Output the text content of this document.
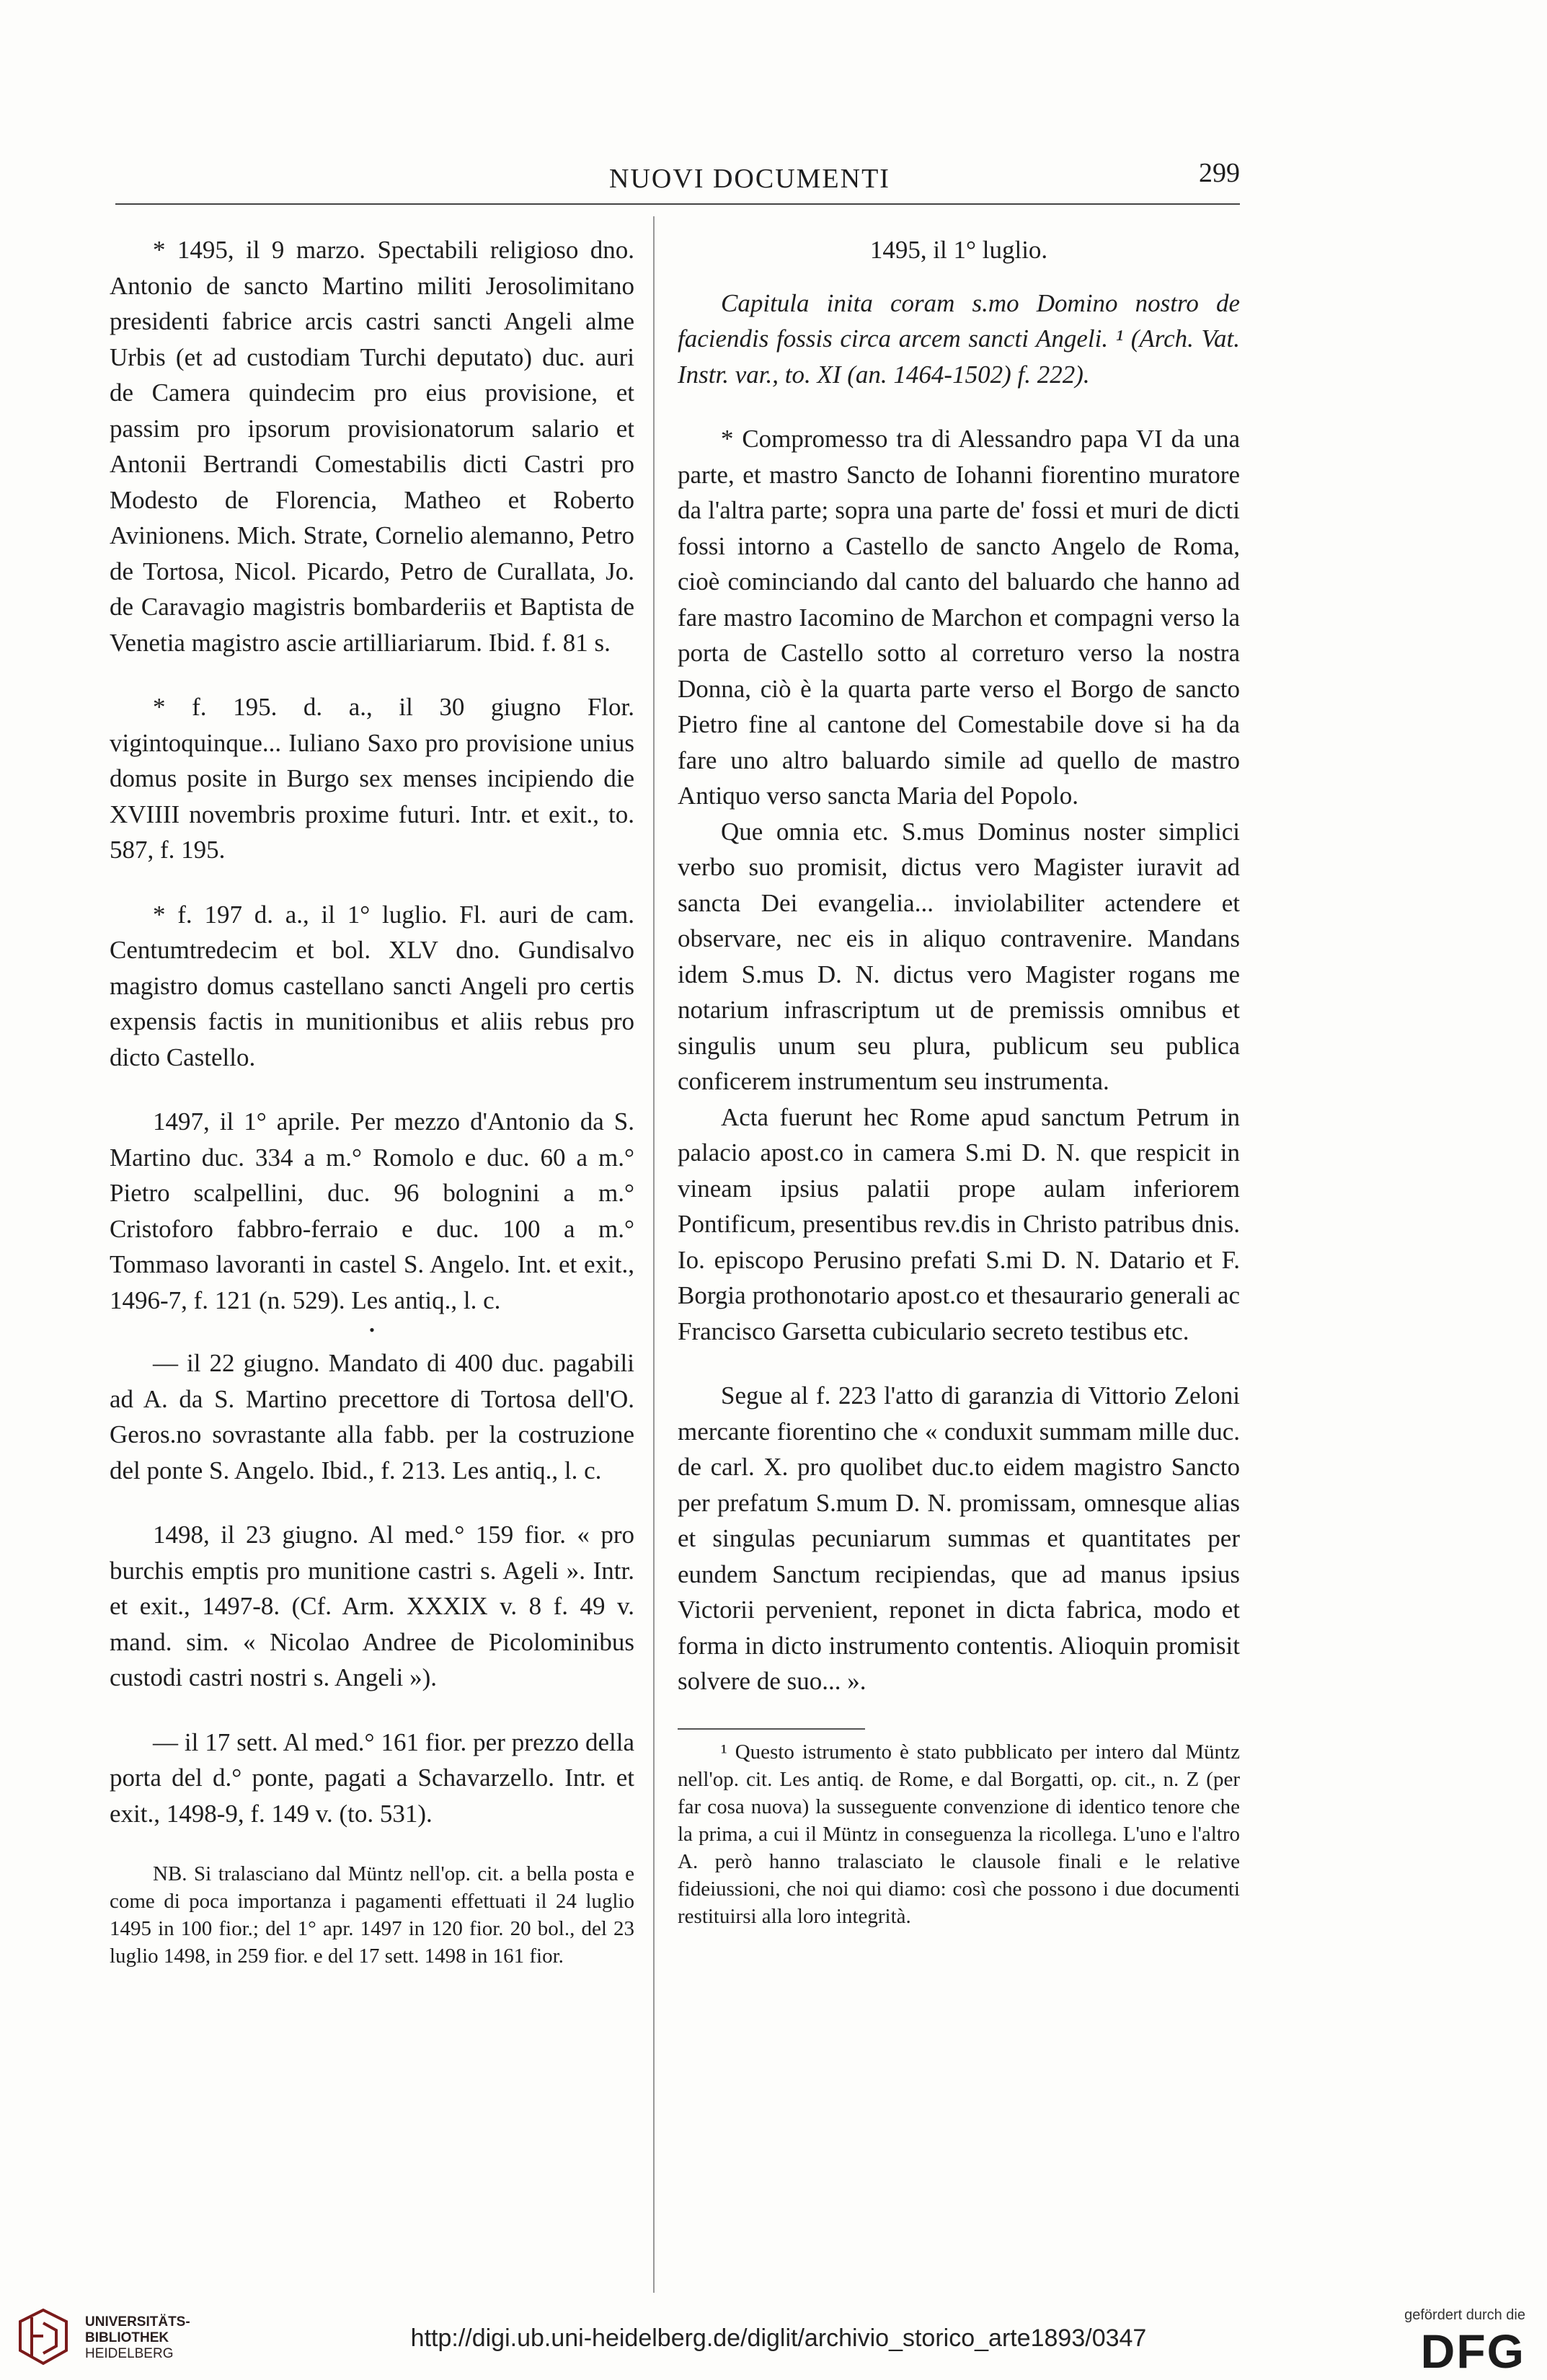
NUOVI DOCUMENTI	299

* 1495, il 9 marzo. Spectabili religioso dno. Antonio de sancto Martino militi Jerosolimitano presidenti fabrice arcis castri sancti Angeli alme Urbis (et ad custodiam Turchi deputato) duc. auri de Camera quindecim pro eius provisione, et passim pro ipsorum provisionatorum salario et Antonii Bertrandi Comestabilis dicti Castri pro Modesto de Florencia, Matheo et Roberto Avinionens. Mich. Strate, Cornelio alemanno, Petro de Tortosa, Nicol. Picardo, Petro de Curallata, Jo. de Caravagio magistris bombarderiis et Baptista de Venetia magistro ascie artilliariarum. Ibid. f. 81 s.

* f. 195. d. a., il 30 giugno Flor. vigintoquinque... Iuliano Saxo pro provisione unius domus posite in Burgo sex menses incipiendo die XVIIII novembris proxime futuri. Intr. et exit., to. 587, f. 195.

* f. 197 d. a., il 1° luglio. Fl. auri de cam. Centumtredecim et bol. XLV dno. Gundisalvo magistro domus castellano sancti Angeli pro certis expensis factis in munitionibus et aliis rebus pro dicto Castello.

1497, il 1° aprile. Per mezzo d'Antonio da S. Martino duc. 334 a m.° Romolo e duc. 60 a m.° Pietro scalpellini, duc. 96 bolognini a m.° Cristoforo fabbro-ferraio e duc. 100 a m.° Tommaso lavoranti in castel S. Angelo. Int. et exit., 1496-7, f. 121 (n. 529). Les antiq., l. c.

•

— il 22 giugno. Mandato di 400 duc. pagabili ad A. da S. Martino precettore di Tortosa dell'O. Geros.no sovrastante alla fabb. per la costruzione del ponte S. Angelo. Ibid., f. 213. Les antiq., l. c.

1498, il 23 giugno. Al med.° 159 fior. « pro burchis emptis pro munitione castri s. Ageli ». Intr. et exit., 1497-8. (Cf. Arm. XXXIX v. 8 f. 49 v. mand. sim. « Nicolao Andree de Picolominibus custodi castri nostri s. Angeli »).

— il 17 sett. Al med.° 161 fior. per prezzo della porta del d.° ponte, pagati a Schavarzello. Intr. et exit., 1498-9, f. 149 v. (to. 531).

NB. Si tralasciano dal Müntz nell'op. cit. a bella posta e come di poca importanza i pagamenti effettuati il 24 luglio 1495 in 100 fior.; del 1° apr. 1497 in 120 fior. 20 bol., del 23 luglio 1498, in 259 fior. e del 17 sett. 1498 in 161 fior.

1495, il 1° luglio.

Capitula inita coram s.mo Domino nostro de faciendis fossis circa arcem sancti Angeli. ¹ (Arch. Vat. Instr. var., to. XI (an. 1464-1502) f. 222).

* Compromesso tra di Alessandro papa VI da una parte, et mastro Sancto de Iohanni fiorentino muratore da l'altra parte; sopra una parte de' fossi et muri de dicti fossi intorno a Castello de sancto Angelo de Roma, cioè cominciando dal canto del baluardo che hanno ad fare mastro Iacomino de Marchon et compagni verso la porta de Castello sotto al correturo verso la nostra Donna, ciò è la quarta parte verso el Borgo de sancto Pietro fine al cantone del Comestabile dove si ha da fare uno altro baluardo simile ad quello de mastro Antiquo verso sancta Maria del Popolo.

Que omnia etc. S.mus Dominus noster simplici verbo suo promisit, dictus vero Magister iuravit ad sancta Dei evangelia... inviolabiliter actendere et observare, nec eis in aliquo contravenire. Mandans idem S.mus D. N. dictus vero Magister rogans me notarium infrascriptum ut de premissis omnibus et singulis unum seu plura, publicum seu publica conficerem instrumentum seu instrumenta.

Acta fuerunt hec Rome apud sanctum Petrum in palacio apost.co in camera S.mi D. N. que respicit in vineam ipsius palatii prope aulam inferiorem Pontificum, presentibus rev.dis in Christo patribus dnis. Io. episcopo Perusino prefati S.mi D. N. Datario et F. Borgia prothonotario apost.co et thesaurario generali ac Francisco Garsetta cubiculario secreto testibus etc.

Segue al f. 223 l'atto di garanzia di Vittorio Zeloni mercante fiorentino che « conduxit summam mille duc. de carl. X. pro quolibet duc.to eidem magistro Sancto per prefatum S.mum D. N. promissam, omnesque alias et singulas pecuniarum summas et quantitates per eundem Sanctum recipiendas, que ad manus ipsius Victorii pervenient, reponet in dicta fabrica, modo et forma in dicto instrumento contentis. Alioquin promisit solvere de suo... ».

¹ Questo istrumento è stato pubblicato per intero dal Müntz nell'op. cit. Les antiq. de Rome, e dal Borgatti, op. cit., n. Z (per far cosa nuova) la susseguente convenzione di identico tenore che la prima, a cui il Müntz in conseguenza la ricollega. L'uno e l'altro A. però hanno tralasciato le clausole finali e le relative fideiussioni, che noi qui diamo: così che possono i due documenti restituirsi alla loro integrità.

UNIVERSITÄTS-
BIBLIOTHEK
HEIDELBERG
http://digi.ub.uni-heidelberg.de/diglit/archivio_storico_arte1893/0347
gefördert durch die
DFG
